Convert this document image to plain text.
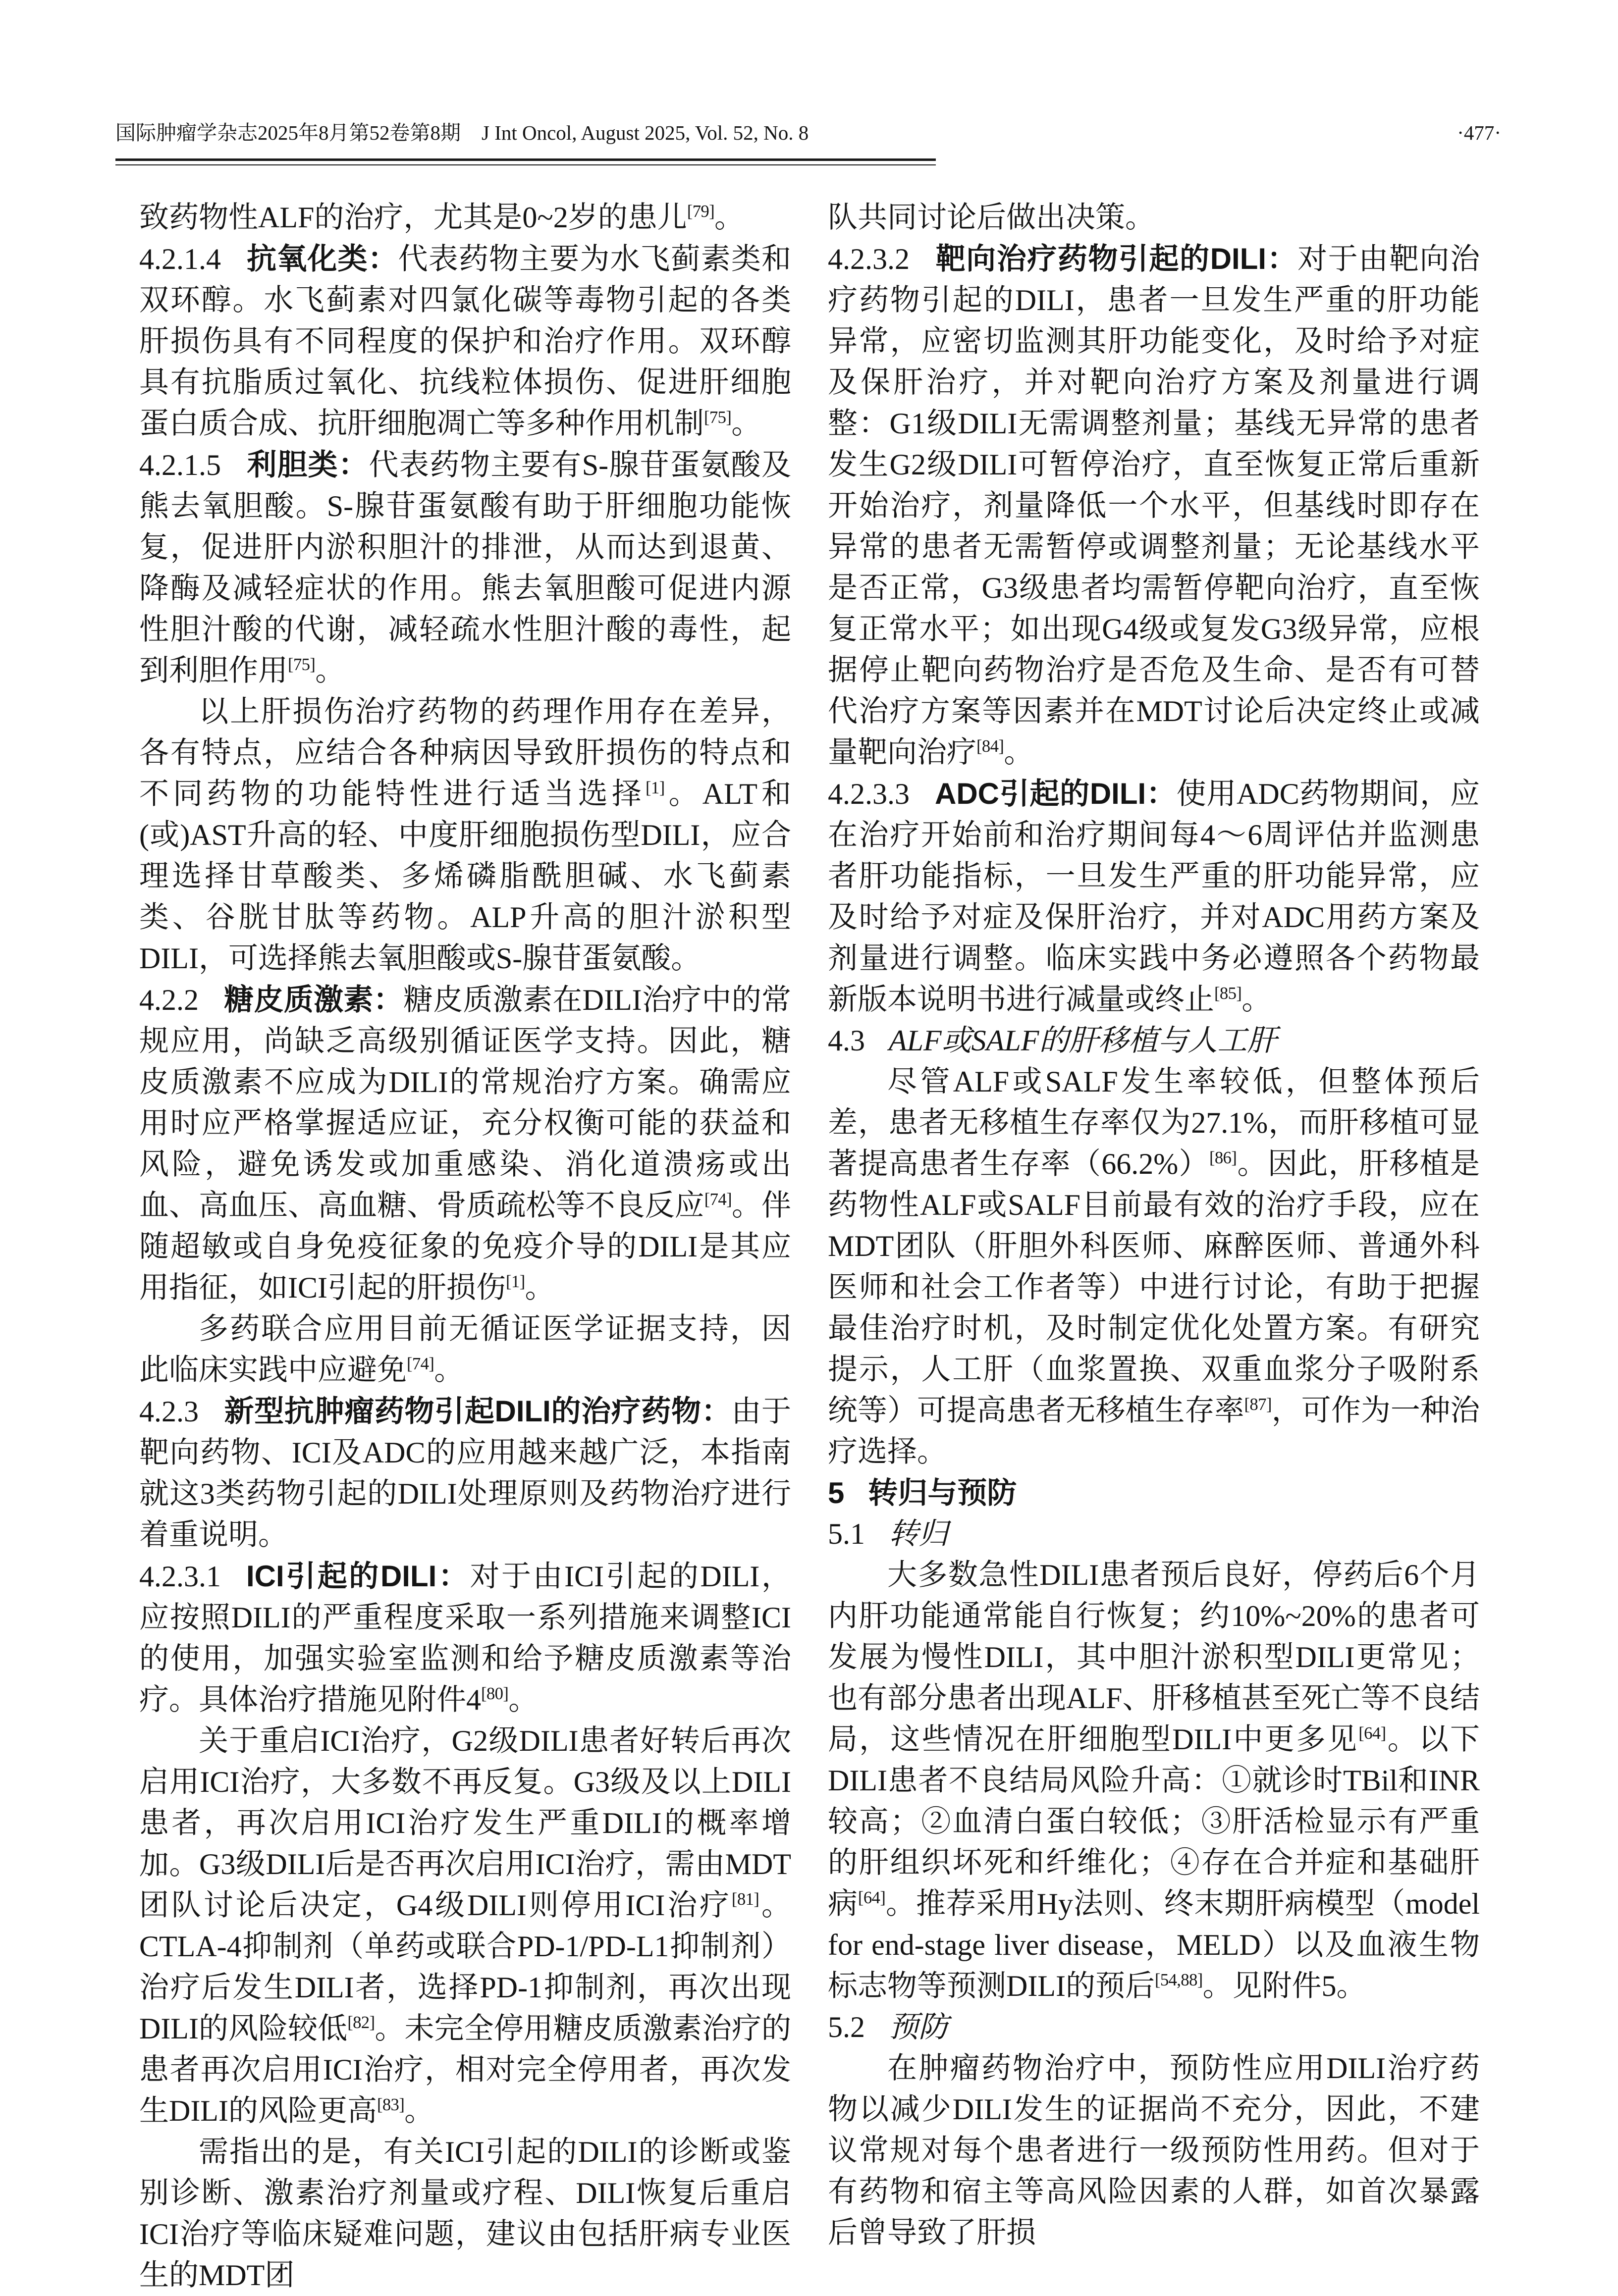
国际肿瘤学杂志2025年8月第52卷第8期 J Int Oncol, August 2025, Vol. 52, No. 8	·477·

致药物性ALF的治疗，尤其是0~2岁的患儿[79]。

4.2.1.4 抗氧化类：代表药物主要为水飞蓟素类和双环醇。水飞蓟素对四氯化碳等毒物引起的各类肝损伤具有不同程度的保护和治疗作用。双环醇具有抗脂质过氧化、抗线粒体损伤、促进肝细胞蛋白质合成、抗肝细胞凋亡等多种作用机制[75]。

4.2.1.5 利胆类：代表药物主要有S-腺苷蛋氨酸及熊去氧胆酸。S-腺苷蛋氨酸有助于肝细胞功能恢复，促进肝内淤积胆汁的排泄，从而达到退黄、降酶及减轻症状的作用。熊去氧胆酸可促进内源性胆汁酸的代谢，减轻疏水性胆汁酸的毒性，起到利胆作用[75]。

以上肝损伤治疗药物的药理作用存在差异，各有特点，应结合各种病因导致肝损伤的特点和不同药物的功能特性进行适当选择[1]。ALT和(或)AST升高的轻、中度肝细胞损伤型DILI，应合理选择甘草酸类、多烯磷脂酰胆碱、水飞蓟素类、谷胱甘肽等药物。ALP升高的胆汁淤积型DILI，可选择熊去氧胆酸或S-腺苷蛋氨酸。

4.2.2 糖皮质激素：糖皮质激素在DILI治疗中的常规应用，尚缺乏高级别循证医学支持。因此，糖皮质激素不应成为DILI的常规治疗方案。确需应用时应严格掌握适应证，充分权衡可能的获益和风险，避免诱发或加重感染、消化道溃疡或出血、高血压、高血糖、骨质疏松等不良反应[74]。伴随超敏或自身免疫征象的免疫介导的DILI是其应用指征，如ICI引起的肝损伤[1]。

多药联合应用目前无循证医学证据支持，因此临床实践中应避免[74]。

4.2.3 新型抗肿瘤药物引起DILI的治疗药物：由于靶向药物、ICI及ADC的应用越来越广泛，本指南就这3类药物引起的DILI处理原则及药物治疗进行着重说明。

4.2.3.1 ICI引起的DILI：对于由ICI引起的DILI，应按照DILI的严重程度采取一系列措施来调整ICI的使用，加强实验室监测和给予糖皮质激素等治疗。具体治疗措施见附件4[80]。

关于重启ICI治疗，G2级DILI患者好转后再次启用ICI治疗，大多数不再反复。G3级及以上DILI患者，再次启用ICI治疗发生严重DILI的概率增加。G3级DILI后是否再次启用ICI治疗，需由MDT团队讨论后决定，G4级DILI则停用ICI治疗[81]。CTLA-4抑制剂（单药或联合PD-1/PD-L1抑制剂）治疗后发生DILI者，选择PD-1抑制剂，再次出现DILI的风险较低[82]。未完全停用糖皮质激素治疗的患者再次启用ICI治疗，相对完全停用者，再次发生DILI的风险更高[83]。

需指出的是，有关ICI引起的DILI的诊断或鉴别诊断、激素治疗剂量或疗程、DILI恢复后重启ICI治疗等临床疑难问题，建议由包括肝病专业医生的MDT团

队共同讨论后做出决策。

4.2.3.2 靶向治疗药物引起的DILI：对于由靶向治疗药物引起的DILI，患者一旦发生严重的肝功能异常，应密切监测其肝功能变化，及时给予对症及保肝治疗，并对靶向治疗方案及剂量进行调整：G1级DILI无需调整剂量；基线无异常的患者发生G2级DILI可暂停治疗，直至恢复正常后重新开始治疗，剂量降低一个水平，但基线时即存在异常的患者无需暂停或调整剂量；无论基线水平是否正常，G3级患者均需暂停靶向治疗，直至恢复正常水平；如出现G4级或复发G3级异常，应根据停止靶向药物治疗是否危及生命、是否有可替代治疗方案等因素并在MDT讨论后决定终止或减量靶向治疗[84]。

4.2.3.3 ADC引起的DILI：使用ADC药物期间，应在治疗开始前和治疗期间每4～6周评估并监测患者肝功能指标，一旦发生严重的肝功能异常，应及时给予对症及保肝治疗，并对ADC用药方案及剂量进行调整。临床实践中务必遵照各个药物最新版本说明书进行减量或终止[85]。

4.3 ALF或SALF的肝移植与人工肝

尽管ALF或SALF发生率较低，但整体预后差，患者无移植生存率仅为27.1%，而肝移植可显著提高患者生存率（66.2%）[86]。因此，肝移植是药物性ALF或SALF目前最有效的治疗手段，应在MDT团队（肝胆外科医师、麻醉医师、普通外科医师和社会工作者等）中进行讨论，有助于把握最佳治疗时机，及时制定优化处置方案。有研究提示，人工肝（血浆置换、双重血浆分子吸附系统等）可提高患者无移植生存率[87]，可作为一种治疗选择。

5 转归与预防
5.1 转归

大多数急性DILI患者预后良好，停药后6个月内肝功能通常能自行恢复；约10%~20%的患者可发展为慢性DILI，其中胆汁淤积型DILI更常见；也有部分患者出现ALF、肝移植甚至死亡等不良结局，这些情况在肝细胞型DILI中更多见[64]。以下DILI患者不良结局风险升高：①就诊时TBil和INR较高；②血清白蛋白较低；③肝活检显示有严重的肝组织坏死和纤维化；④存在合并症和基础肝病[64]。推荐采用Hy法则、终末期肝病模型（model for end-stage liver disease，MELD）以及血液生物标志物等预测DILI的预后[54,88]。见附件5。

5.2 预防

在肿瘤药物治疗中，预防性应用DILI治疗药物以减少DILI发生的证据尚不充分，因此，不建议常规对每个患者进行一级预防性用药。但对于有药物和宿主等高风险因素的人群，如首次暴露后曾导致了肝损
